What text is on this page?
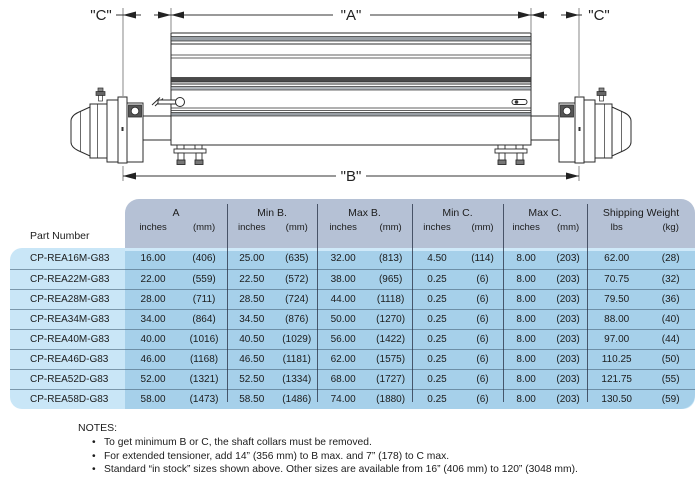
"C"	"A"	"C"
"B"
A
inches	(mm)
Min B.
inches	(mm)
Max B.
inches	(mm)
Min C.
inches	(mm)
Max C.
inches	(mm)
Shipping Weight
lbs	(kg)
Part Number
CP-REA16M-G83	16.00	(406)	25.00	(635)	32.00	(813)	4.50	(114)	8.00	(203)	62.00	(28)
CP-REA22M-G83	22.00	(559)	22.50	(572)	38.00	(965)	0.25	(6)	8.00	(203)	70.75	(32)
CP-REA28M-G83	28.00	(711)	28.50	(724)	44.00	(1118)	0.25	(6)	8.00	(203)	79.50	(36)
CP-REA34M-G83	34.00	(864)	34.50	(876)	50.00	(1270)	0.25	(6)	8.00	(203)	88.00	(40)
CP-REA40M-G83	40.00	(1016)	40.50	(1029)	56.00	(1422)	0.25	(6)	8.00	(203)	97.00	(44)
CP-REA46D-G83	46.00	(1168)	46.50	(1181)	62.00	(1575)	0.25	(6)	8.00	(203)	110.25	(50)
CP-REA52D-G83	52.00	(1321)	52.50	(1334)	68.00	(1727)	0.25	(6)	8.00	(203)	121.75	(55)
CP-REA58D-G83	58.00	(1473)	58.50	(1486)	74.00	(1880)	0.25	(6)	8.00	(203)	130.50	(59)
NOTES:
• To get minimum B or C, the shaft collars must be removed.
• For extended tensioner, add 14” (356 mm) to B max. and 7” (178) to C max.
• Standard “in stock” sizes shown above. Other sizes are available from 16” (406 mm) to 120” (3048 mm).
